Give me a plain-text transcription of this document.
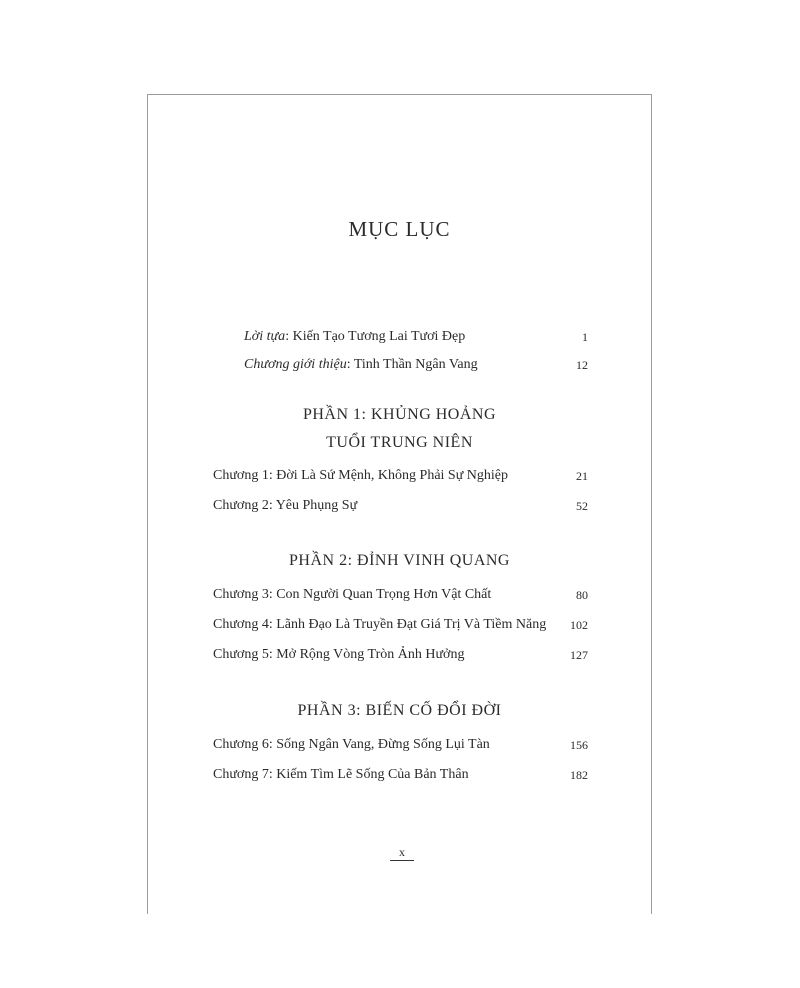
MỤC LỤC
Lời tựa: Kiến Tạo Tương Lai Tươi Đẹp	1
Chương giới thiệu: Tinh Thần Ngân Vang	12
PHẦN 1: KHỦNG HOẢNG
TUỔI TRUNG NIÊN
Chương 1: Đời Là Sứ Mệnh, Không Phải Sự Nghiệp	21
Chương 2: Yêu Phụng Sự	52
PHẦN 2: ĐỈNH VINH QUANG
Chương 3: Con Người Quan Trọng Hơn Vật Chất	80
Chương 4: Lãnh Đạo Là Truyền Đạt Giá Trị Và Tiềm Năng 102
Chương 5: Mở Rộng Vòng Tròn Ảnh Hưởng	127
PHẦN 3: BIẾN CỐ ĐỔI ĐỜI
Chương 6: Sống Ngân Vang, Đừng Sống Lụi Tàn	156
Chương 7: Kiếm Tìm Lẽ Sống Của Bản Thân	182
x
